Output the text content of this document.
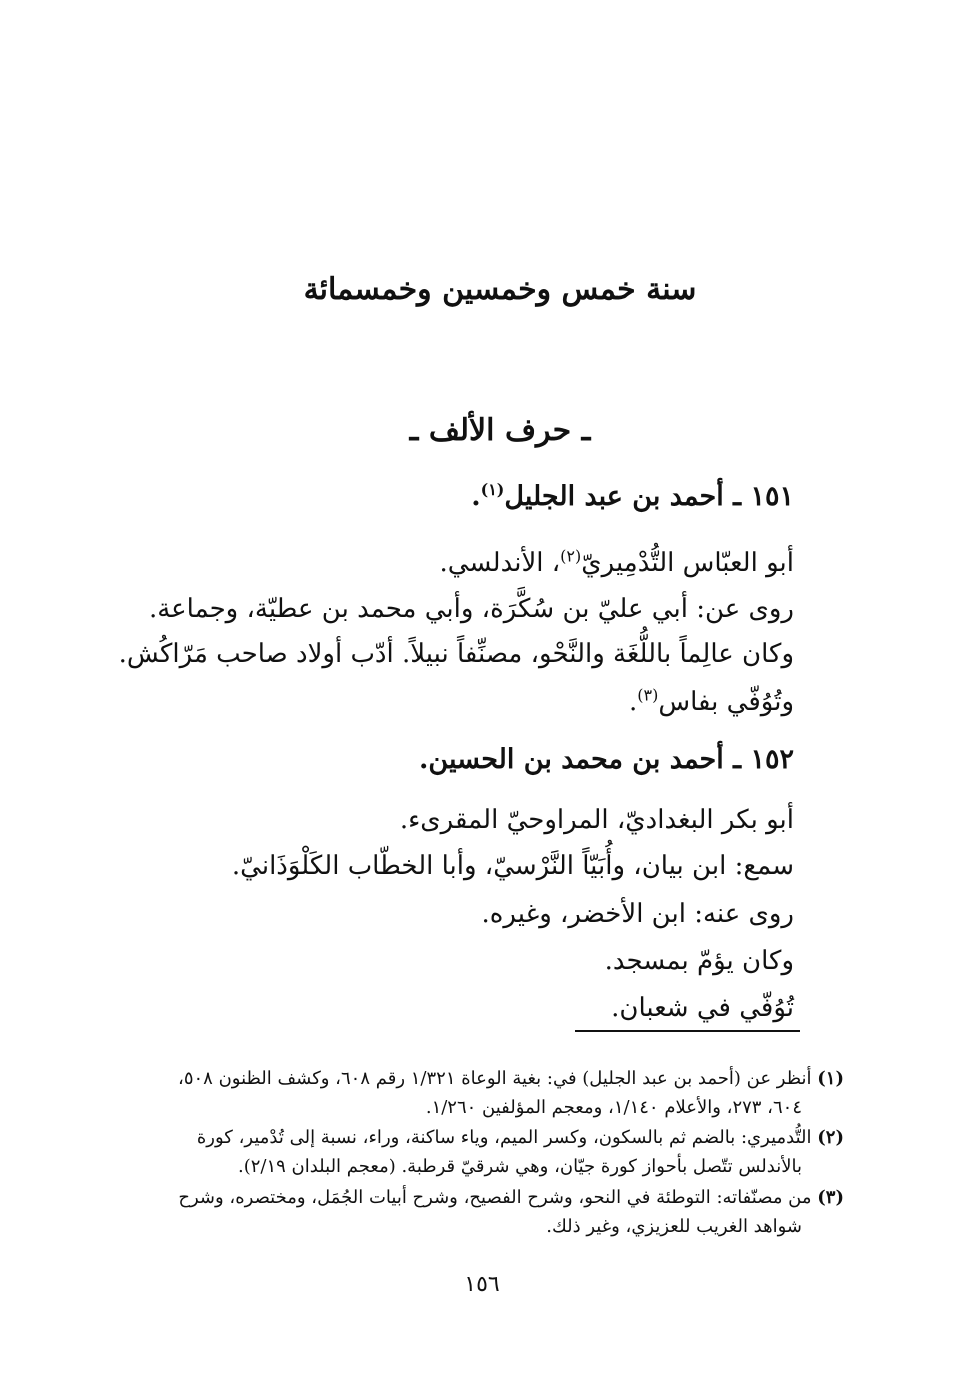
سنة خمس وخمسين وخمسمائة
ـ حرف الألف ـ
١٥١ ـ أحمد بن عبد الجليل$^{(١)}$.
أبو العبّاس التُّدْمِيريّ$^{(٢)}$، الأندلسي.
روى عن: أبي عليّ بن سُكَّرَة، وأبي محمد بن عطيّة، وجماعة.
وكان عالِماً باللُّغَة والنَّحْو، مصنِّفاً نبيلاً. أدّب أولاد صاحب مَرّاكُش.
وتُوُفّي بفاس$^{(٣)}$.
١٥٢ ـ أحمد بن محمد بن الحسين.
أبو بكر البغداديّ، المراوحيّ المقرىء.
سمع: ابن بيان، وأُبَيّاً النَّرْسيّ، وأبا الخطّاب الكَلْوَذَانيّ.
روى عنه: ابن الأخضر، وغيره.
وكان يؤمّ بمسجد.
تُوُفّي في شعبان.
(١) أنظر عن (أحمد بن عبد الجليل) في: بغية الوعاة ١/٣٢١ رقم ٦٠٨، وكشف الظنون ٥٠٨،
٦٠٤، ٢٧٣، والأعلام ١/١٤٠، ومعجم المؤلفين ١/٢٦٠.
(٢) التُّدميري: بالضم ثم بالسكون، وكسر الميم، وياء ساكنة، وراء، نسبة إلى تُدْمير، كورة
بالأندلس تتّصل بأحواز كورة جيّان، وهي شرقيّ قرطبة. (معجم البلدان ٢/١٩).
(٣) من مصنّفاته: التوطئة في النحو، وشرح الفصيح، وشرح أبيات الجُمَل، ومختصره، وشرح
شواهد الغريب للعزيزي، وغير ذلك.
١٥٦
